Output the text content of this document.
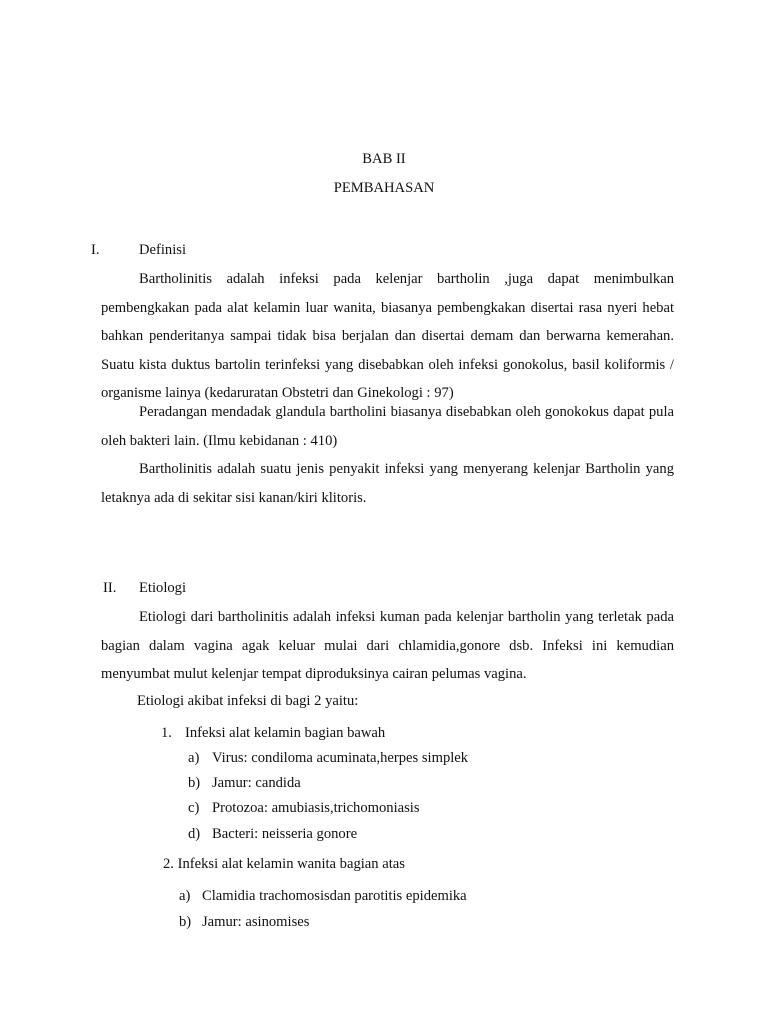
BAB II
PEMBAHASAN
I.	Definisi

Bartholinitis adalah infeksi pada kelenjar bartholin ,juga dapat menimbulkan pembengkakan pada alat kelamin luar wanita, biasanya pembengkakan disertai rasa nyeri hebat bahkan penderitanya sampai tidak bisa berjalan dan disertai demam dan berwarna kemerahan. Suatu kista duktus bartolin terinfeksi yang disebabkan oleh infeksi gonokolus, basil koliformis / organisme lainya (kedaruratan Obstetri dan Ginekologi : 97)

Peradangan mendadak glandula bartholini biasanya disebabkan oleh gonokokus dapat pula oleh bakteri lain. (Ilmu kebidanan : 410)

Bartholinitis adalah suatu jenis penyakit infeksi yang menyerang kelenjar Bartholin yang letaknya ada di sekitar sisi kanan/kiri klitoris.

II. Etiologi

Etiologi dari bartholinitis adalah infeksi kuman pada kelenjar bartholin yang terletak pada bagian dalam vagina agak keluar mulai dari chlamidia,gonore dsb. Infeksi ini kemudian menyumbat mulut kelenjar tempat diproduksinya cairan pelumas vagina.

Etiologi akibat infeksi di bagi 2 yaitu:
1. Infeksi alat kelamin bagian bawah
a) Virus: condiloma acuminata,herpes simplek
b) Jamur: candida
c) Protozoa: amubiasis,trichomoniasis
d) Bacteri: neisseria gonore
2. Infeksi alat kelamin wanita bagian atas
a) Clamidia trachomosisdan parotitis epidemika
b) Jamur: asinomises
